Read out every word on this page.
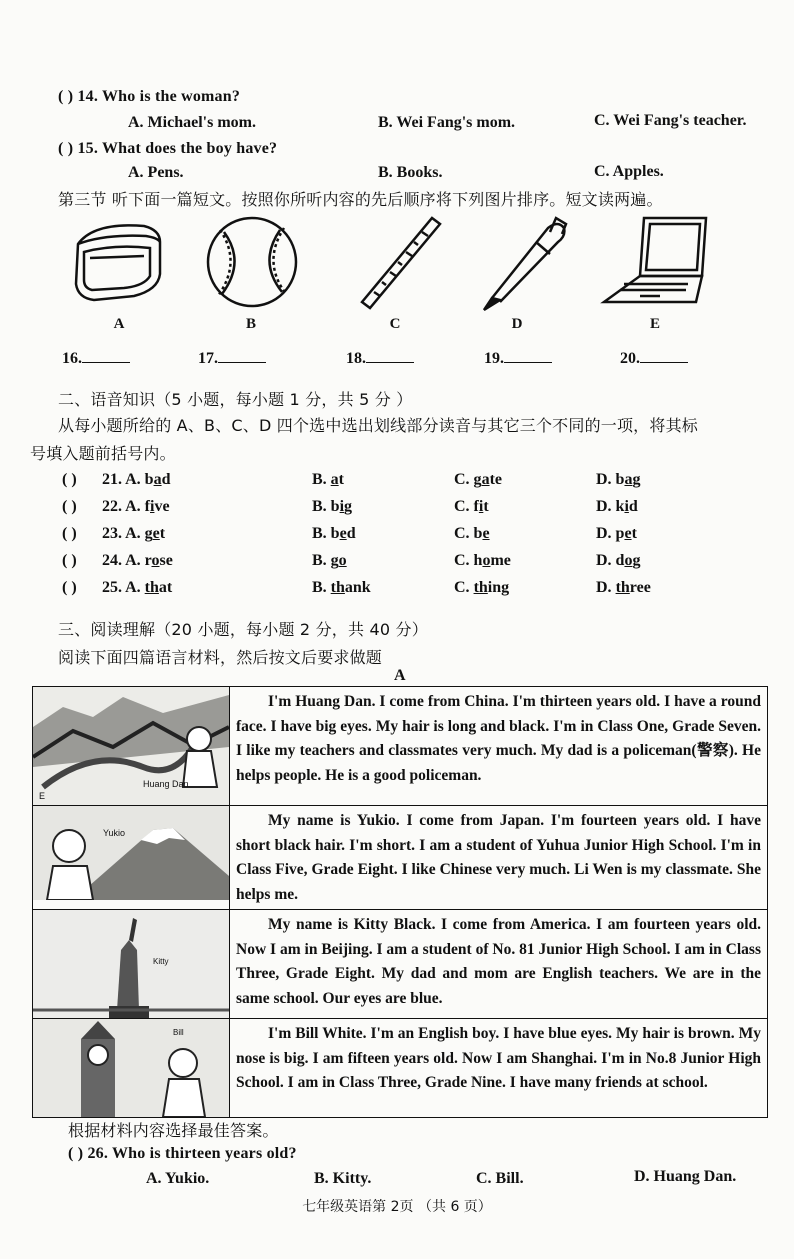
( ) 14. Who is the woman?
A. Michael's mom.	B. Wei Fang's mom.	C. Wei Fang's teacher.
( ) 15. What does the boy have?
A. Pens.	B. Books.	C. Apples.
第三节 听下面一篇短文。按照你所听内容的先后顺序将下列图片排序。短文读两遍。
A	B	C	D	E
16.	17.	18.	19.	20.
二、语音知识（5 小题，每小题 1 分，共 5 分 ）
从每小题所给的 A、B、C、D 四个选中选出划线部分读音与其它三个不同的一项，将其标
号填入题前括号内。
( ) 21. A. bad	B. at	C. gate	D. bag
( ) 22. A. five	B. big	C. fit	D. kid
( ) 23. A. get	B. bed	C. be	D. pet
( ) 24. A. rose	B. go	C. home	D. dog
( ) 25. A. that	B. thank	C. thing	D. three
三、阅读理解（20 小题，每小题 2 分，共 40 分）
阅读下面四篇语言材料，然后按文后要求做题
A
Huang Dan
E	I'm Huang Dan. I come from China. I'm thirteen years old. I have a round face. I have big eyes. My hair is long and black. I'm in Class One, Grade Seven. I like my teachers and classmates very much. My dad is a policeman(警察). He helps people. He is a good policeman.

Yukio	My name is Yukio. I come from Japan. I'm fourteen years old. I have short black hair. I'm short. I am a student of Yuhua Junior High School. I'm in Class Five, Grade Eight. I like Chinese very much. Li Wen is my classmate. She helps me.

Kitty	My name is Kitty Black. I come from America. I am fourteen years old. Now I am in Beijing. I am a student of No. 81 Junior High School. I am in Class Three, Grade Eight. My dad and mom are English teachers. We are in the same school. Our eyes are blue.

Bill	I'm Bill White. I'm an English boy. I have blue eyes. My hair is brown. My nose is big. I am fifteen years old. Now I am Shanghai. I'm in No.8 Junior High School. I am in Class Three, Grade Nine. I have many friends at school.
根据材料内容选择最佳答案。
( ) 26. Who is thirteen years old?
A. Yukio.	B. Kitty.	C. Bill.	D. Huang Dan.
七年级英语第 2页 （共 6 页）
